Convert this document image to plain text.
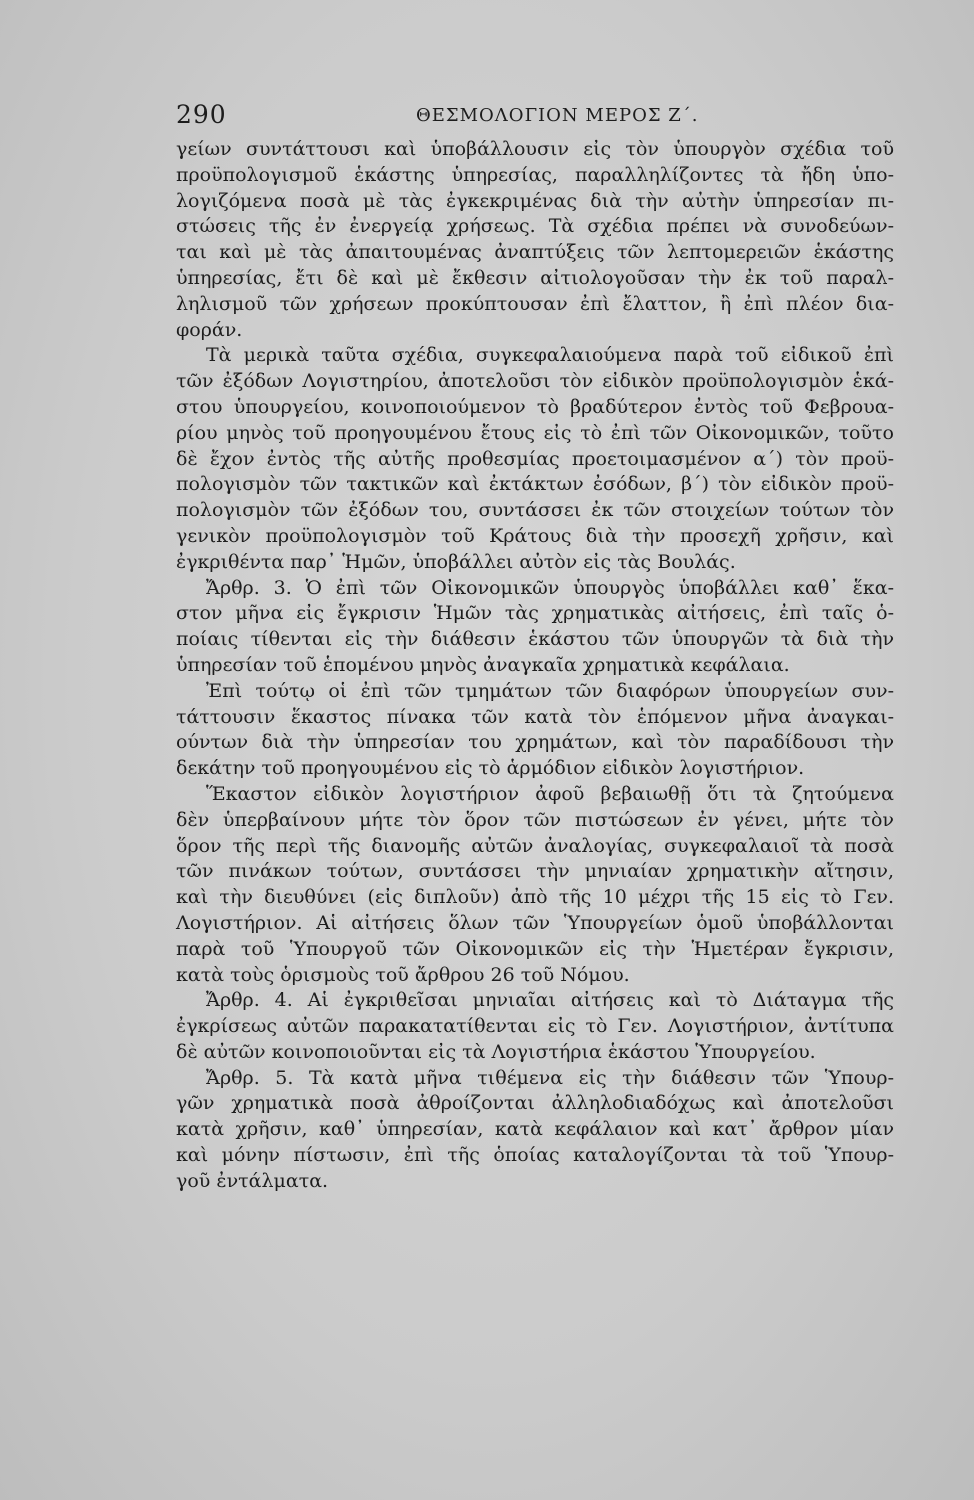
290	ΘΕΣΜΟΛΟΓΙΟΝ ΜΕΡΟΣ Ζ΄.
γείων συντάττουσι καὶ ὑποβάλλουσιν εἰς τὸν ὑπουργὸν σχέδια τοῦ
προϋπολογισμοῦ ἑκάστης ὑπηρεσίας, παραλληλίζοντες τὰ ἤδη ὑπο-
λογιζόμενα ποσὰ μὲ τὰς ἐγκεκριμένας διὰ τὴν αὐτὴν ὑπηρεσίαν πι-
στώσεις τῆς ἐν ἐνεργείᾳ χρήσεως. Τὰ σχέδια πρέπει νὰ συνοδεύων-
ται καὶ μὲ τὰς ἀπαιτουμένας ἀναπτύξεις τῶν λεπτομερειῶν ἑκάστης
ὑπηρεσίας, ἔτι δὲ καὶ μὲ ἔκθεσιν αἰτιολογοῦσαν τὴν ἐκ τοῦ παραλ-
ληλισμοῦ τῶν χρήσεων προκύπτουσαν ἐπὶ ἔλαττον, ἢ ἐπὶ πλέον δια-
φοράν.
Τὰ μερικὰ ταῦτα σχέδια, συγκεφαλαιούμενα παρὰ τοῦ εἰδικοῦ ἐπὶ
τῶν ἐξόδων Λογιστηρίου, ἀποτελοῦσι τὸν εἰδικὸν προϋπολογισμὸν ἑκά-
στου ὑπουργείου, κοινοποιούμενον τὸ βραδύτερον ἐντὸς τοῦ Φεβρουα-
ρίου μηνὸς τοῦ προηγουμένου ἔτους εἰς τὸ ἐπὶ τῶν Οἰκονομικῶν, τοῦτο
δὲ ἔχον ἐντὸς τῆς αὐτῆς προθεσμίας προετοιμασμένον α΄) τὸν προϋ-
πολογισμὸν τῶν τακτικῶν καὶ ἐκτάκτων ἐσόδων, β΄) τὸν εἰδικὸν προϋ-
πολογισμὸν τῶν ἐξόδων του, συντάσσει ἐκ τῶν στοιχείων τούτων τὸν
γενικὸν προϋπολογισμὸν τοῦ Κράτους διὰ τὴν προσεχῆ χρῆσιν, καὶ
ἐγκριθέντα παρ᾽ Ἡμῶν, ὑποβάλλει αὐτὸν εἰς τὰς Βουλάς.
Ἄρθρ. 3. Ὁ ἐπὶ τῶν Οἰκονομικῶν ὑπουργὸς ὑποβάλλει καθ᾽ ἕκα-
στον μῆνα εἰς ἔγκρισιν Ἡμῶν τὰς χρηματικὰς αἰτήσεις, ἐπὶ ταῖς ὁ-
ποίαις τίθενται εἰς τὴν διάθεσιν ἑκάστου τῶν ὑπουργῶν τὰ διὰ τὴν
ὑπηρεσίαν τοῦ ἑπομένου μηνὸς ἀναγκαῖα χρηματικὰ κεφάλαια.
Ἐπὶ τούτῳ οἱ ἐπὶ τῶν τμημάτων τῶν διαφόρων ὑπουργείων συν-
τάττουσιν ἕκαστος πίνακα τῶν κατὰ τὸν ἑπόμενον μῆνα ἀναγκαι-
ούντων διὰ τὴν ὑπηρεσίαν του χρημάτων, καὶ τὸν παραδίδουσι τὴν
δεκάτην τοῦ προηγουμένου εἰς τὸ ἁρμόδιον εἰδικὸν λογιστήριον.
Ἕκαστον εἰδικὸν λογιστήριον ἀφοῦ βεβαιωθῇ ὅτι τὰ ζητούμενα
δὲν ὑπερβαίνουν μήτε τὸν ὅρον τῶν πιστώσεων ἐν γένει, μήτε τὸν
ὅρον τῆς περὶ τῆς διανομῆς αὐτῶν ἀναλογίας, συγκεφαλαιοῖ τὰ ποσὰ
τῶν πινάκων τούτων, συντάσσει τὴν μηνιαίαν χρηματικὴν αἴτησιν,
καὶ τὴν διευθύνει (εἰς διπλοῦν) ἀπὸ τῆς 10 μέχρι τῆς 15 εἰς τὸ Γεν.
Λογιστήριον. Αἱ αἰτήσεις ὅλων τῶν Ὑπουργείων ὁμοῦ ὑποβάλλονται
παρὰ τοῦ Ὑπουργοῦ τῶν Οἰκονομικῶν εἰς τὴν Ἡμετέραν ἔγκρισιν,
κατὰ τοὺς ὁρισμοὺς τοῦ ἄρθρου 26 τοῦ Νόμου.
Ἄρθρ. 4. Αἱ ἐγκριθεῖσαι μηνιαῖαι αἰτήσεις καὶ τὸ Διάταγμα τῆς
ἐγκρίσεως αὐτῶν παρακατατίθενται εἰς τὸ Γεν. Λογιστήριον, ἀντίτυπα
δὲ αὐτῶν κοινοποιοῦνται εἰς τὰ Λογιστήρια ἑκάστου Ὑπουργείου.
Ἄρθρ. 5. Τὰ κατὰ μῆνα τιθέμενα εἰς τὴν διάθεσιν τῶν Ὑπουρ-
γῶν χρηματικὰ ποσὰ ἀθροίζονται ἀλληλοδιαδόχως καὶ ἀποτελοῦσι
κατὰ χρῆσιν, καθ᾽ ὑπηρεσίαν, κατὰ κεφάλαιον καὶ κατ᾽ ἄρθρον μίαν
καὶ μόνην πίστωσιν, ἐπὶ τῆς ὁποίας καταλογίζονται τὰ τοῦ Ὑπουρ-
γοῦ ἐντάλματα.
